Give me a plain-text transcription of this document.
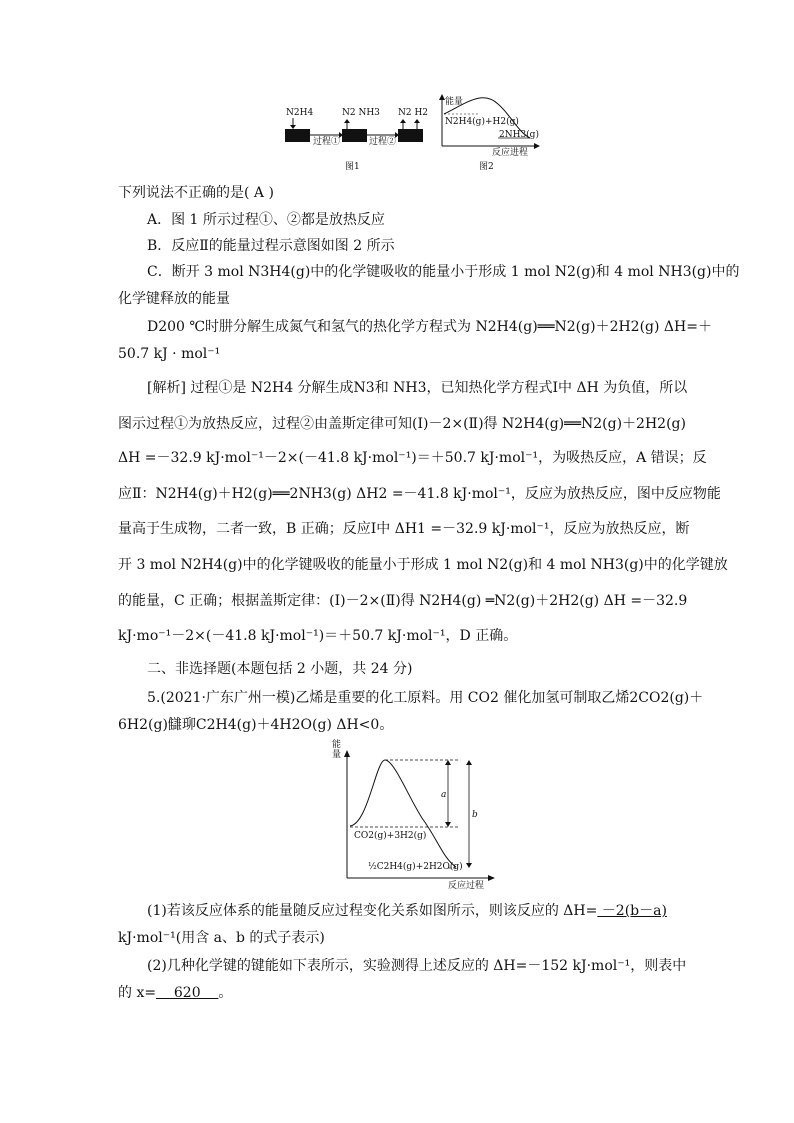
N2H4	N2 NH3 N2 H2
过程①	过程②
图1
能量
N2H4(g)+H2(g)
2NH3(g)
反应进程
图2
下列说法不正确的是( A )
A．图 1 所示过程①、②都是放热反应
B．反应Ⅱ的能量过程示意图如图 2 所示
C．断开 3 mol N3H4(g)中的化学键吸收的能量小于形成 1 mol N2(g)和 4 mol NH3(g)中的
化学键释放的能量
D200 ℃时肼分解生成氮气和氢气的热化学方程式为 N2H4(g)══N2(g)＋2H2(g) ΔH=＋
50.7 kJ · mol⁻¹
[解析] 过程①是 N2H4 分解生成N3和 NH3，已知热化学方程式Ⅰ中 ΔH 为负值，所以
图示过程①为放热反应，过程②由盖斯定律可知(Ⅰ)－2×(Ⅱ)得 N2H4(g)══N2(g)＋2H2(g)
ΔH =－32.9 kJ·mol⁻¹－2×(－41.8 kJ·mol⁻¹)＝＋50.7 kJ·mol⁻¹，为吸热反应，A 错误；反
应Ⅱ：N2H4(g)＋H2(g)══2NH3(g) ΔH2 =－41.8 kJ·mol⁻¹，反应为放热反应，图中反应物能
量高于生成物，二者一致，B 正确；反应Ⅰ中 ΔH1 =－32.9 kJ·mol⁻¹，反应为放热反应，断
开 3 mol N2H4(g)中的化学键吸收的能量小于形成 1 mol N2(g)和 4 mol NH3(g)中的化学键放
的能量，C 正确；根据盖斯定律：(Ⅰ)－2×(Ⅱ)得 N2H4(g) ═N2(g)＋2H2(g) ΔH =－32.9
kJ·mo⁻¹－2×(－41.8 kJ·mol⁻¹)＝＋50.7 kJ·mol⁻¹，D 正确。
二、非选择题(本题包括 2 小题，共 24 分)
5.(2021·广东广州一模)乙烯是重要的化工原料。用 CO2 催化加氢可制取乙烯2CO2(g)＋
6H2(g)讎珋C2H4(g)＋4H2O(g) ΔH<0。
能量
a
b
CO2(g)+3H2(g)
½C2H4(g)+2H2O(g)
反应过程
(1)若该反应体系的能量随反应过程变化关系如图所示，则该反应的 ΔH= －2(b－a)
kJ·mol⁻¹(用含 a、b 的式子表示)
(2)几种化学键的键能如下表所示，实验测得上述反应的 ΔH=－152 kJ·mol⁻¹，则表中
的 x=    620    。
